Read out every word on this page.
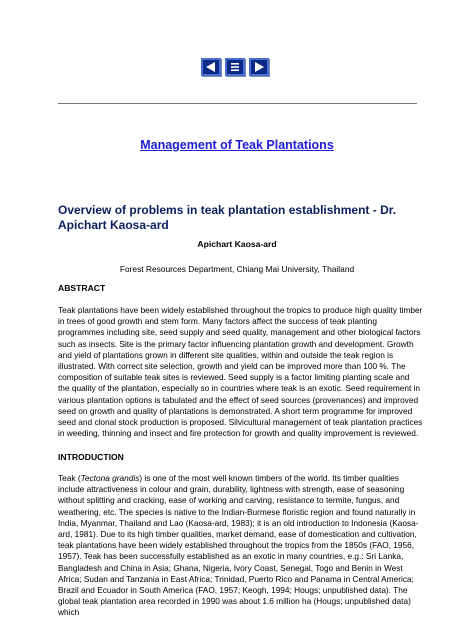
Management of Teak Plantations
Overview of problems in teak plantation establishment - Dr. Apichart Kaosa-ard
Apichart Kaosa-ard
Forest Resources Department, Chiang Mai University, Thailand
ABSTRACT
Teak plantations have been widely established throughout the tropics to produce high quality timber in trees of good growth and stem form. Many factors affect the success of teak planting programmes including site, seed supply and seed quality, management and other biological factors such as insects. Site is the primary factor influencing plantation growth and development. Growth and yield of plantations grown in different site qualities, within and outside the teak region is illustrated. With correct site selection, growth and yield can be improved more than 100 %. The composition of suitable teak sites is reviewed. Seed supply is a factor limiting planting scale and the quality of the plantation, especially so in countries where teak is an exotic. Seed requirement in various plantation options is tabulated and the effect of seed sources (provenances) and improved seed on growth and quality of plantations is demonstrated. A short term programme for improved seed and clonal stock production is proposed. Silvicultural management of teak plantation practices in weeding, thinning and insect and fire protection for growth and quality improvement is reviewed.
INTRODUCTION
Teak (Tectona grandis) is one of the most well known timbers of the world. Its timber qualities include attractiveness in colour and grain, durability, lightness with strength, ease of seasoning without splitting and cracking, ease of working and carving, resistance to termite, fungus, and weathering, etc. The species is native to the Indian-Burmese floristic region and found naturally in India, Myanmar, Thailand and Lao (Kaosa-ard, 1983); it is an old introduction to Indonesia (Kaosa-ard, 1981). Due to its high timber qualities, market demand, ease of domestication and cultivation, teak plantations have been widely established throughout the tropics from the 1850s (FAO, 1956, 1957). Teak has been successfully established as an exotic in many countries, e.g.: Sri Lanka, Bangladesh and China in Asia; Ghana, Nigeria, Ivory Coast, Senegal, Togo and Benin in West Africa; Sudan and Tanzania in East Africa; Trinidad, Puerto Rico and Panama in Central America; Brazil and Ecuador in South America (FAO, 1957; Keogh, 1994; Hougs; unpublished data). The global teak plantation area recorded in 1990 was about 1.6 million ha (Hougs; unpublished data) which
